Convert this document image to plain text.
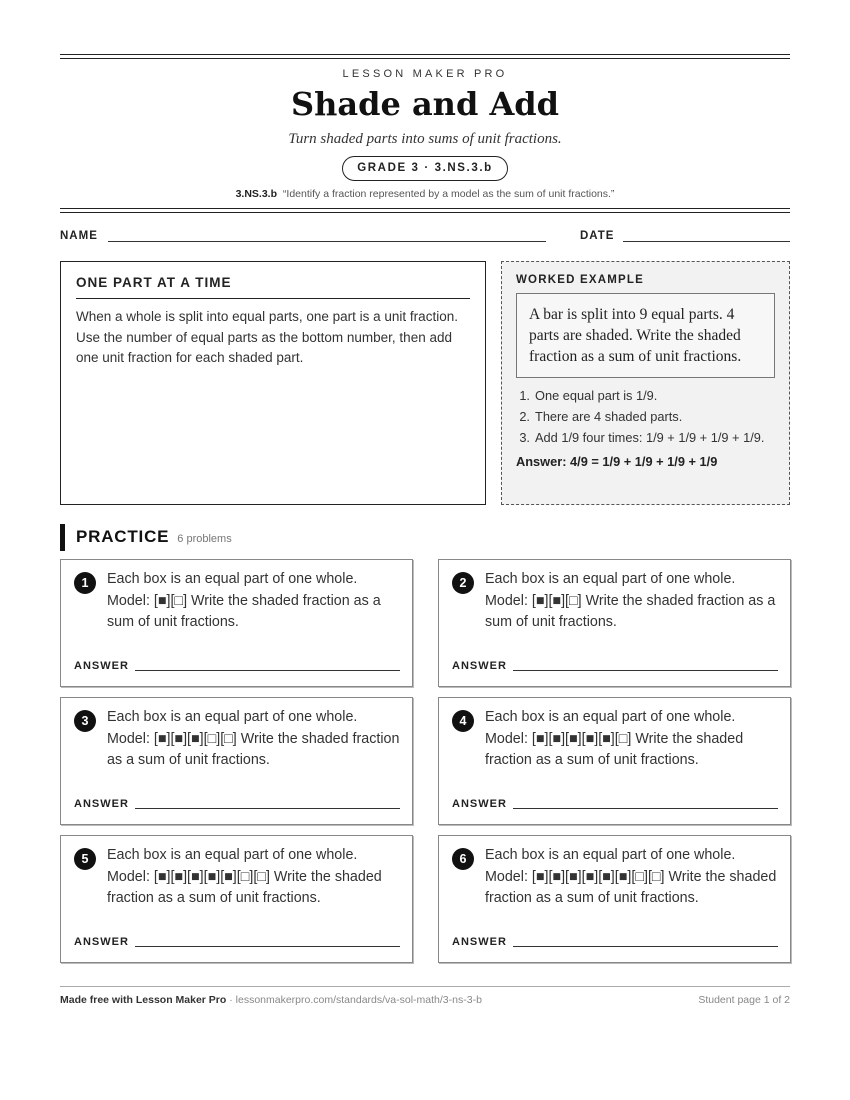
LESSON MAKER PRO
Shade and Add
Turn shaded parts into sums of unit fractions.
GRADE 3 · 3.NS.3.b
3.NS.3.b “Identify a fraction represented by a model as the sum of unit fractions.”
NAME	DATE
ONE PART AT A TIME

When a whole is split into equal parts, one part is a unit fraction. Use the number of equal parts as the bottom number, then add one unit fraction for each shaded part.

WORKED EXAMPLE
A bar is split into 9 equal parts. 4 parts are shaded. Write the shaded fraction as a sum of unit fractions.
1. One equal part is 1/9.
2. There are 4 shaded parts.
3. Add 1/9 four times: 1/9 + 1/9 + 1/9 + 1/9.
Answer: 4/9 = 1/9 + 1/9 + 1/9 + 1/9
PRACTICE 6 problems
1	Each box is an equal part of one whole. Model: [■][□] Write the shaded fraction as a sum of unit fractions.
ANSWER
2	Each box is an equal part of one whole. Model: [■][■][□] Write the shaded fraction as a sum of unit fractions.
ANSWER
3	Each box is an equal part of one whole. Model: [■][■][■][□][□] Write the shaded fraction as a sum of unit fractions.
ANSWER
4	Each box is an equal part of one whole. Model: [■][■][■][■][■][□] Write the shaded fraction as a sum of unit fractions.
ANSWER
5	Each box is an equal part of one whole. Model: [■][■][■][■][■][□][□] Write the shaded fraction as a sum of unit fractions.
ANSWER
6	Each box is an equal part of one whole. Model: [■][■][■][■][■][■][□][□] Write the shaded fraction as a sum of unit fractions.
ANSWER
Made free with Lesson Maker Pro · lessonmakerpro.com/standards/va-sol-math/3-ns-3-b	Student page 1 of 2
